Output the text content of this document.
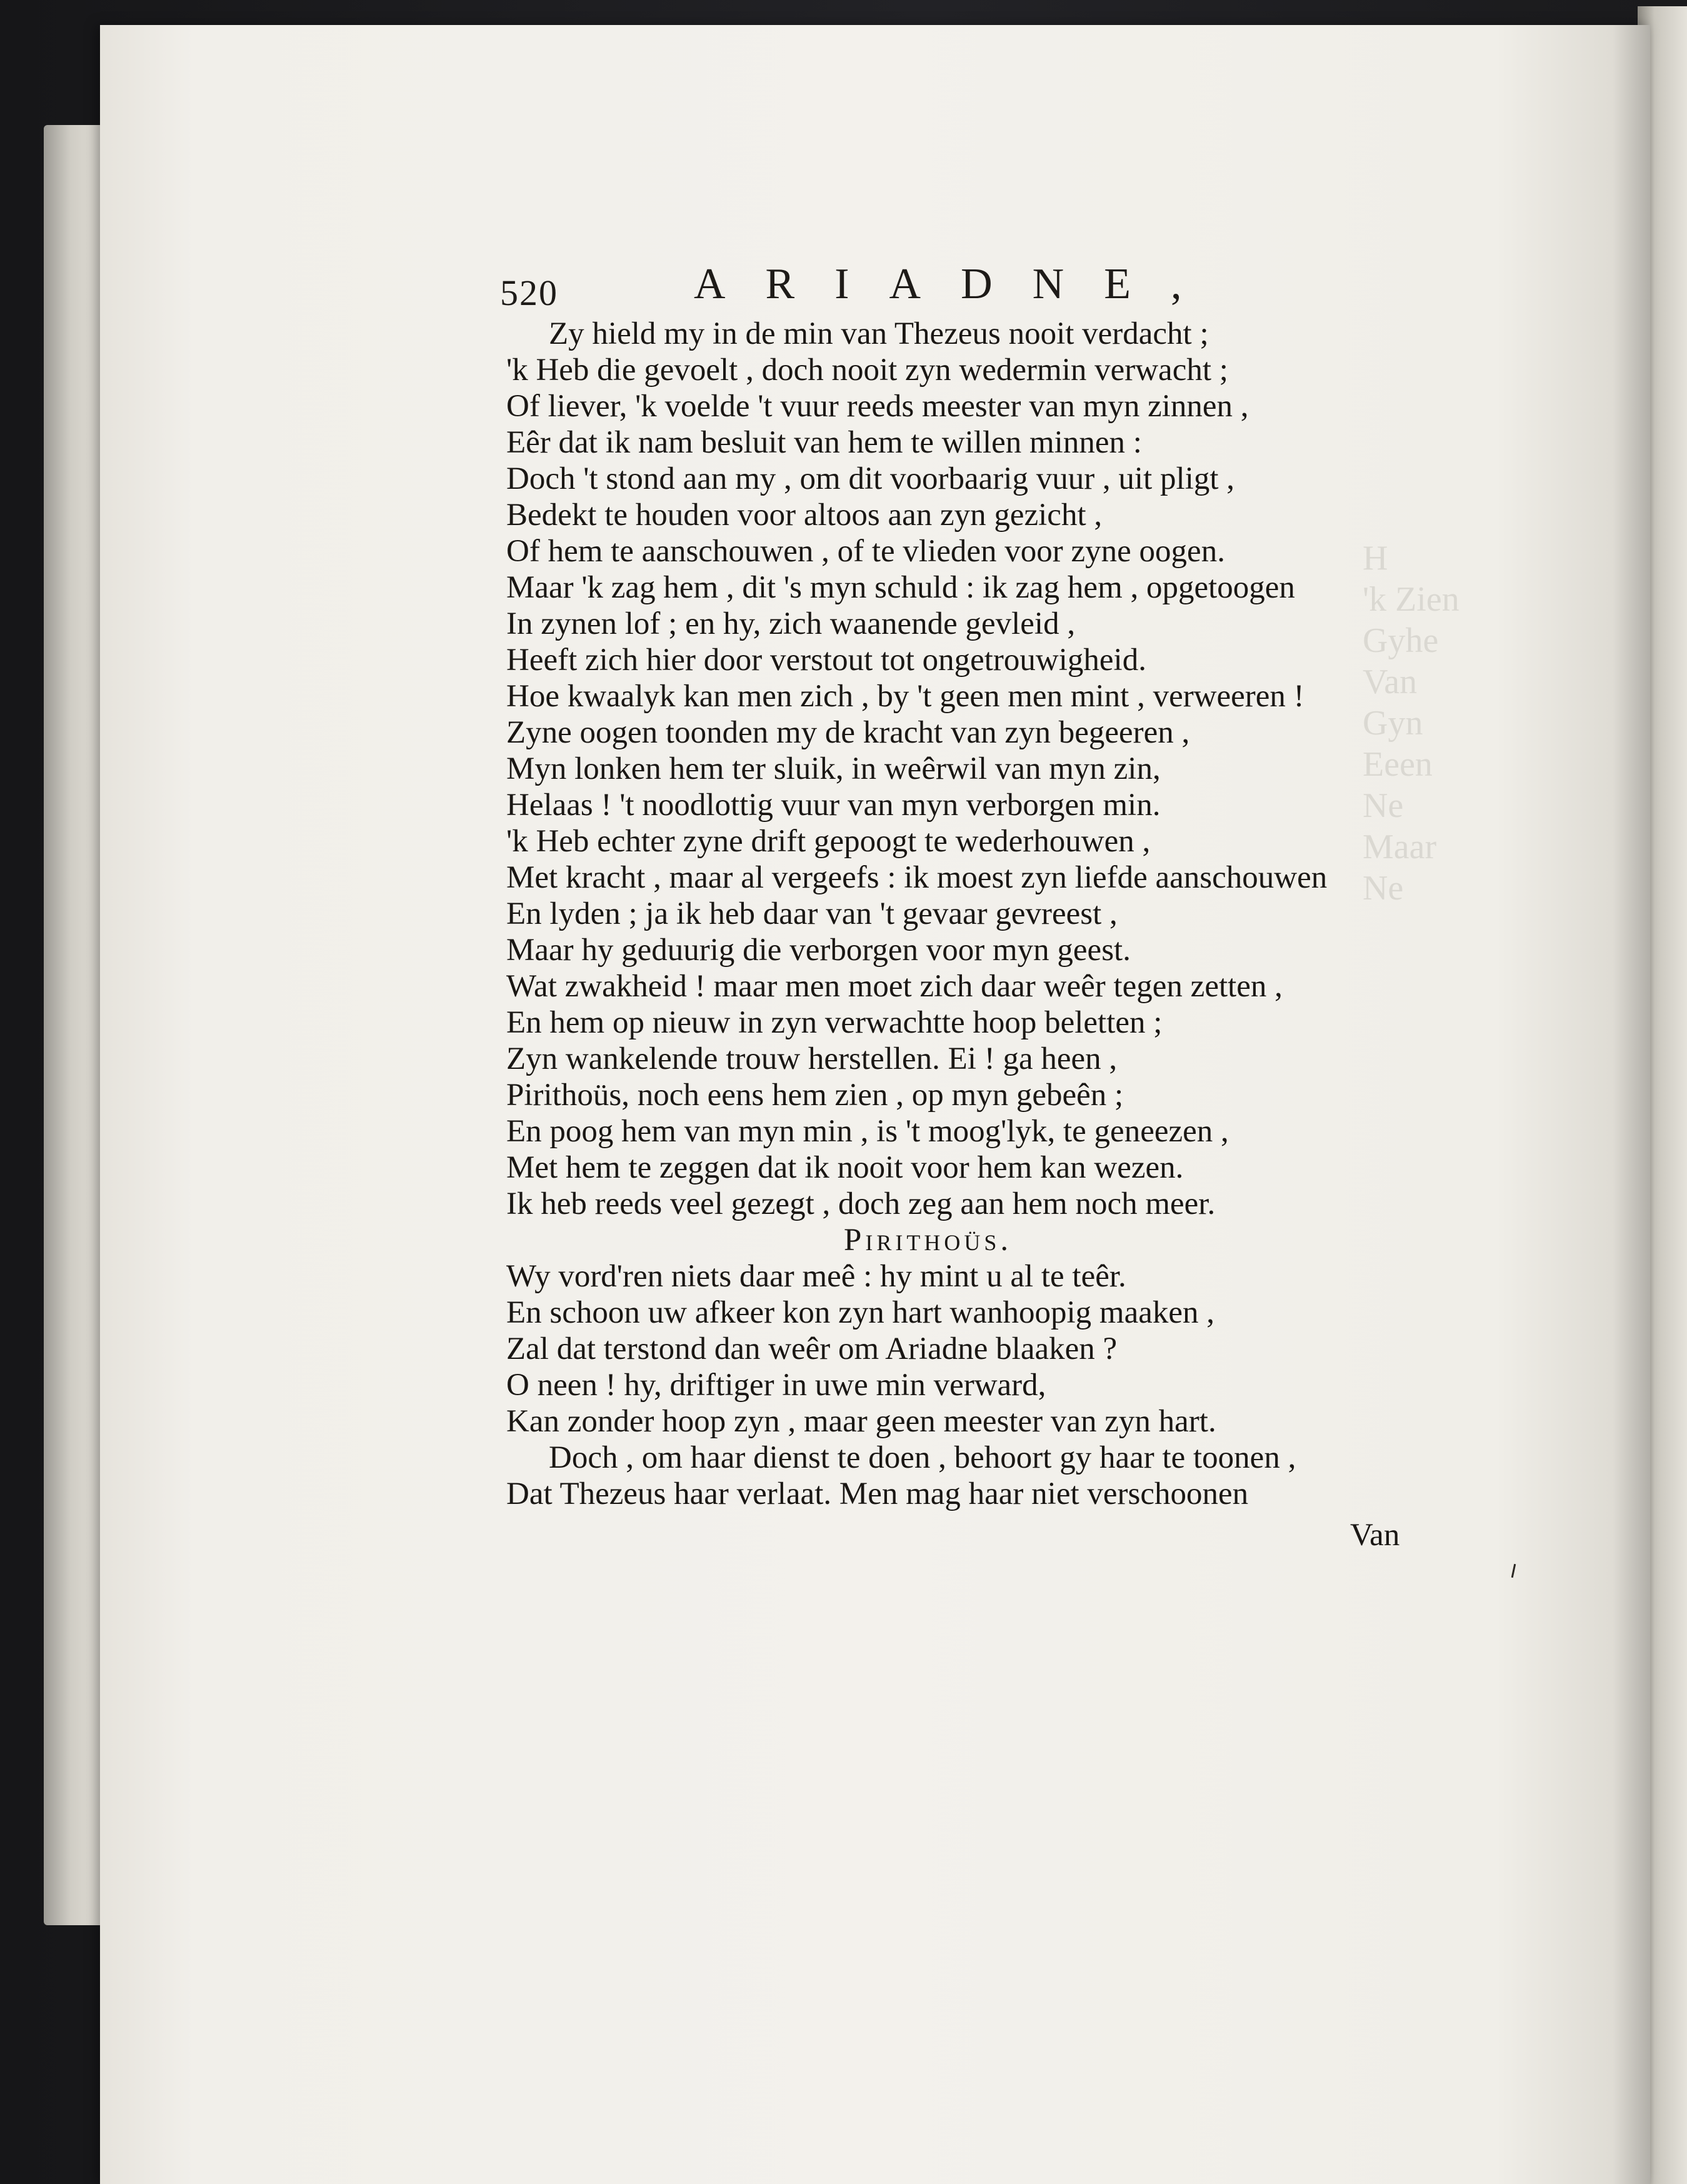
H
'k Zien
Gyhe
Van
Gyn
Eeen
Ne
Maar
Ne
520	ARIADNE,
Zy hield my in de min van Thezeus nooit verdacht ;
'k Heb die gevoelt , doch nooit zyn wedermin verwacht ;
Of liever, 'k voelde 't vuur reeds meester van myn zinnen ,
Eêr dat ik nam besluit van hem te willen minnen :
Doch 't stond aan my , om dit voorbaarig vuur , uit pligt ,
Bedekt te houden voor altoos aan zyn gezicht ,
Of hem te aanschouwen , of te vlieden voor zyne oogen.
Maar 'k zag hem , dit 's myn schuld : ik zag hem , opgetoogen
In zynen lof ; en hy, zich waanende gevleid ,
Heeft zich hier door verstout tot ongetrouwigheid.
Hoe kwaalyk kan men zich , by 't geen men mint , verweeren !
Zyne oogen toonden my de kracht van zyn begeeren ,
Myn lonken hem ter sluik, in weêrwil van myn zin,
Helaas ! 't noodlottig vuur van myn verborgen min.
'k Heb echter zyne drift gepoogt te wederhouwen ,
Met kracht , maar al vergeefs : ik moest zyn liefde aanschouwen
En lyden ; ja ik heb daar van 't gevaar gevreest ,
Maar hy geduurig die verborgen voor myn geest.
Wat zwakheid ! maar men moet zich daar weêr tegen zetten ,
En hem op nieuw in zyn verwachtte hoop beletten ;
Zyn wankelende trouw herstellen. Ei ! ga heen ,
Pirithoüs, noch eens hem zien , op myn gebeên ;
En poog hem van myn min , is 't moog'lyk, te geneezen ,
Met hem te zeggen dat ik nooit voor hem kan wezen.
Ik heb reeds veel gezegt , doch zeg aan hem noch meer.
Pirithoüs.
Wy vord'ren niets daar meê : hy mint u al te teêr.
En schoon uw afkeer kon zyn hart wanhoopig maaken ,
Zal dat terstond dan weêr om Ariadne blaaken ?
O neen ! hy, driftiger in uwe min verward,
Kan zonder hoop zyn , maar geen meester van zyn hart.
Doch , om haar dienst te doen , behoort gy haar te toonen ,
Dat Thezeus haar verlaat. Men mag haar niet verschoonen
Van
